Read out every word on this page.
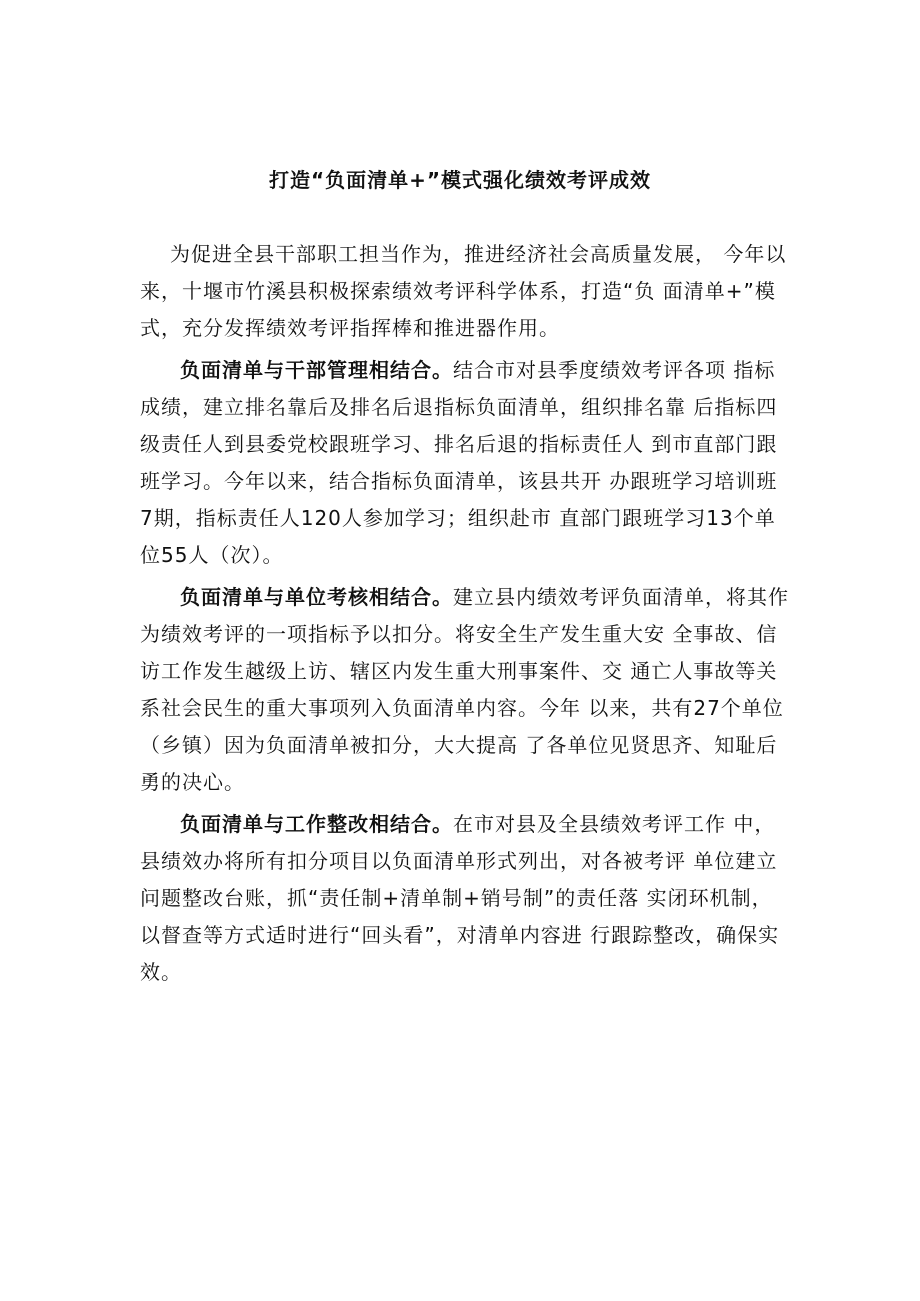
打造“负面清单+”模式强化绩效考评成效

为促进全县干部职工担当作为，推进经济社会高质量发展， 今年以来，十堰市竹溪县积极探索绩效考评科学体系，打造“负 面清单+”模式，充分发挥绩效考评指挥棒和推进器作用。

负面清单与干部管理相结合。结合市对县季度绩效考评各项 指标成绩，建立排名靠后及排名后退指标负面清单，组织排名靠 后指标四级责任人到县委党校跟班学习、排名后退的指标责任人 到市直部门跟班学习。今年以来，结合指标负面清单，该县共开 办跟班学习培训班7期，指标责任人120人参加学习；组织赴市 直部门跟班学习13个单位55人（次）。

负面清单与单位考核相结合。建立县内绩效考评负面清单，将其作为绩效考评的一项指标予以扣分。将安全生产发生重大安 全事故、信访工作发生越级上访、辖区内发生重大刑事案件、交 通亡人事故等关系社会民生的重大事项列入负面清单内容。今年 以来，共有27个单位（乡镇）因为负面清单被扣分，大大提高 了各单位见贤思齐、知耻后勇的决心。

负面清单与工作整改相结合。在市对县及全县绩效考评工作 中，县绩效办将所有扣分项目以负面清单形式列出，对各被考评 单位建立问题整改台账，抓“责任制+清单制+销号制”的责任落 实闭环机制，以督查等方式适时进行“回头看”，对清单内容进 行跟踪整改，确保实效。
